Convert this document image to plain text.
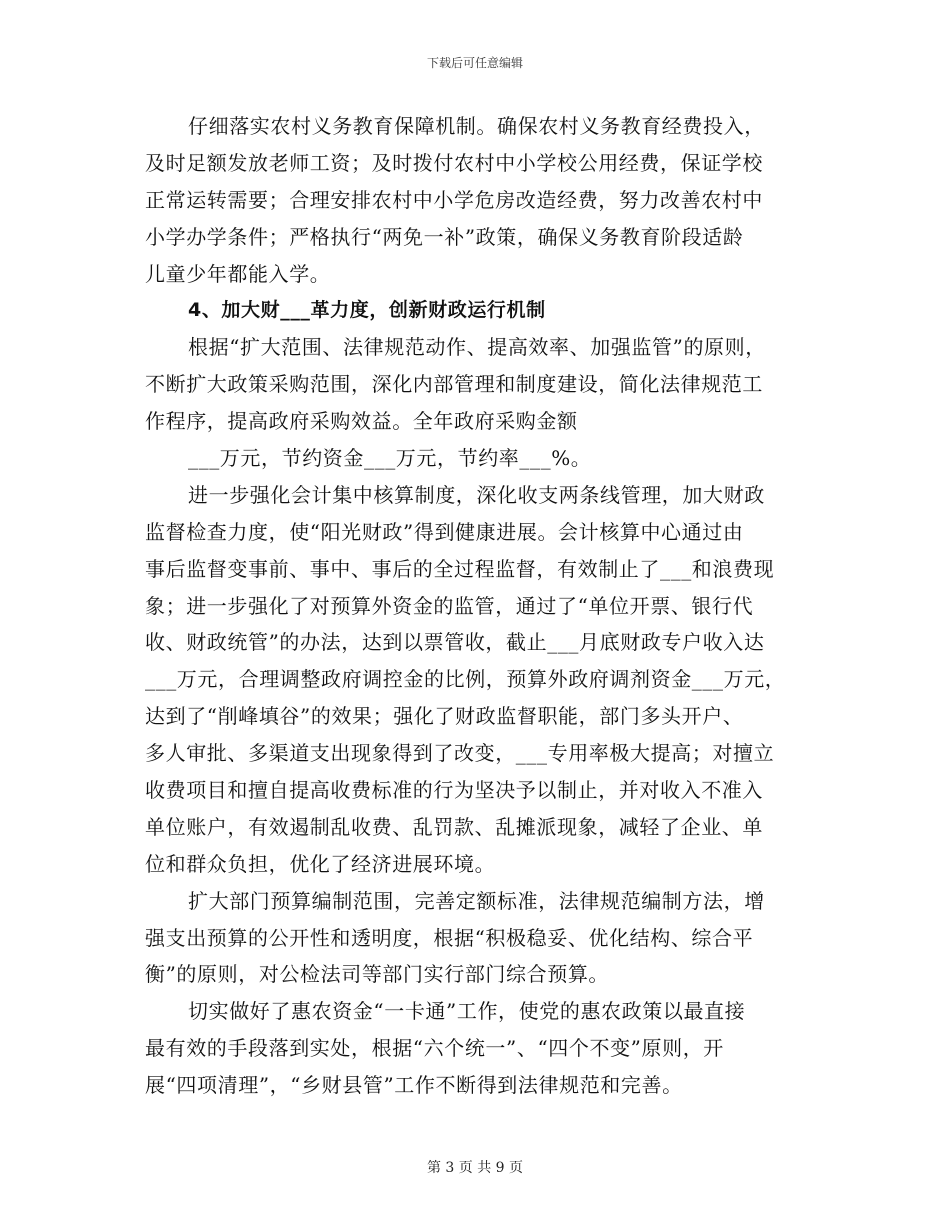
下载后可任意编辑
仔细落实农村义务教育保障机制。确保农村义务教育经费投入，
及时足额发放老师工资；及时拨付农村中小学校公用经费，保证学校
正常运转需要；合理安排农村中小学危房改造经费，努力改善农村中
小学办学条件；严格执行“两免一补”政策，确保义务教育阶段适龄
儿童少年都能入学。
4、加大财___革力度，创新财政运行机制
根据“扩大范围、法律规范动作、提高效率、加强监管”的原则，
不断扩大政策采购范围，深化内部管理和制度建设，简化法律规范工
作程序，提高政府采购效益。全年政府采购金额
___万元，节约资金___万元，节约率___%。
进一步强化会计集中核算制度，深化收支两条线管理，加大财政
监督检查力度，使“阳光财政”得到健康进展。会计核算中心通过由
事后监督变事前、事中、事后的全过程监督，有效制止了___和浪费现
象；进一步强化了对预算外资金的监管，通过了“单位开票、银行代
收、财政统管”的办法，达到以票管收，截止___月底财政专户收入达
___万元，合理调整政府调控金的比例，预算外政府调剂资金___万元，
达到了“削峰填谷”的效果；强化了财政监督职能，部门多头开户、
多人审批、多渠道支出现象得到了改变，___专用率极大提高；对擅立
收费项目和擅自提高收费标准的行为坚决予以制止，并对收入不准入
单位账户，有效遏制乱收费、乱罚款、乱摊派现象，减轻了企业、单
位和群众负担，优化了经济进展环境。
扩大部门预算编制范围，完善定额标准，法律规范编制方法，增
强支出预算的公开性和透明度，根据“积极稳妥、优化结构、综合平
衡”的原则，对公检法司等部门实行部门综合预算。
切实做好了惠农资金“一卡通”工作，使党的惠农政策以最直接
最有效的手段落到实处，根据“六个统一”、“四个不变”原则，开
展“四项清理”，“乡财县管”工作不断得到法律规范和完善。
第 3 页 共 9 页
